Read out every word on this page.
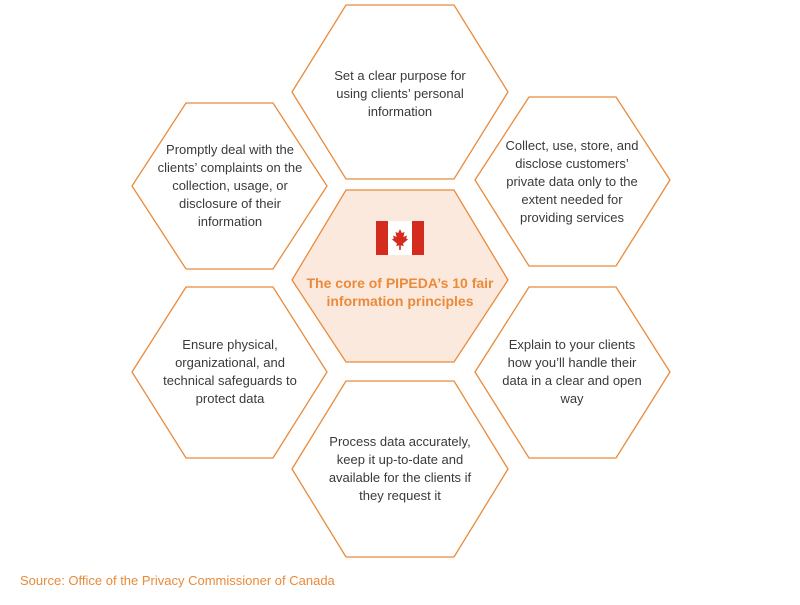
Set a clear purpose for using clients’ personal information
Collect, use, store, and disclose customers’ private data only to the extent needed for providing services
Explain to your clients how you’ll handle their data in a clear and open way
Process data accurately, keep it up-to-date and available for the clients if they request it
Ensure physical, organizational, and technical safeguards to protect data
Promptly deal with the clients’ complaints on the collection, usage, or disclosure of their information
The core of PIPEDA’s 10 fair information principles
Source: Office of the Privacy Commissioner of Canada
